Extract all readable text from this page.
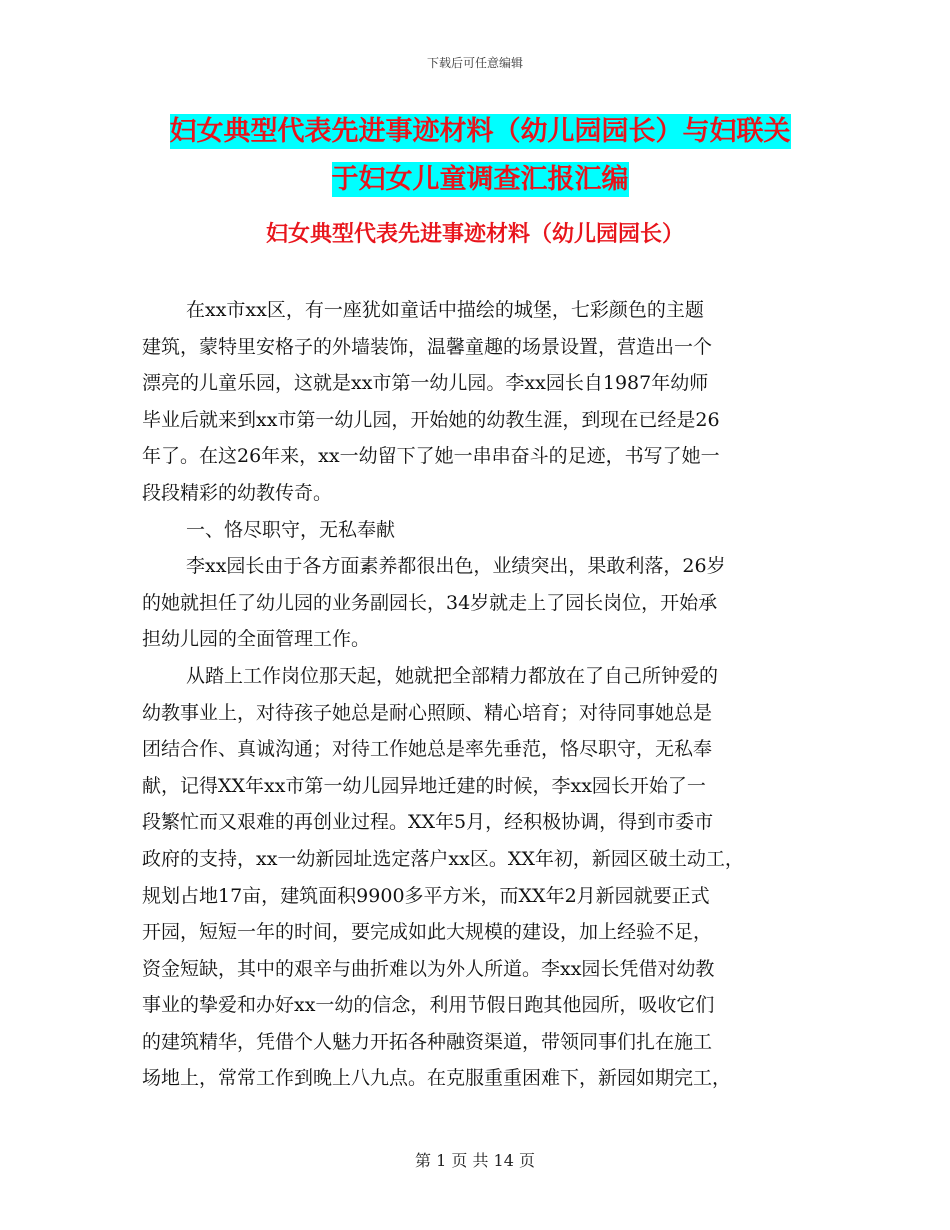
下载后可任意编辑
妇女典型代表先进事迹材料（幼儿园园长）与妇联关
于妇女儿童调查汇报汇编
妇女典型代表先进事迹材料（幼儿园园长）
在xx市xx区，有一座犹如童话中描绘的城堡，七彩颜色的主题
建筑，蒙特里安格子的外墙装饰，温馨童趣的场景设置，营造出一个
漂亮的儿童乐园，这就是xx市第一幼儿园。李xx园长自1987年幼师
毕业后就来到xx市第一幼儿园，开始她的幼教生涯，到现在已经是26
年了。在这26年来，xx一幼留下了她一串串奋斗的足迹，书写了她一
段段精彩的幼教传奇。
一、恪尽职守，无私奉献
李xx园长由于各方面素养都很出色，业绩突出，果敢利落，26岁
的她就担任了幼儿园的业务副园长，34岁就走上了园长岗位，开始承
担幼儿园的全面管理工作。
从踏上工作岗位那天起，她就把全部精力都放在了自己所钟爱的
幼教事业上，对待孩子她总是耐心照顾、精心培育；对待同事她总是
团结合作、真诚沟通；对待工作她总是率先垂范，恪尽职守，无私奉
献，记得XX年xx市第一幼儿园异地迁建的时候，李xx园长开始了一
段繁忙而又艰难的再创业过程。XX年5月，经积极协调，得到市委市
政府的支持，xx一幼新园址选定落户xx区。XX年初，新园区破土动工，
规划占地17亩，建筑面积9900多平方米，而XX年2月新园就要正式
开园，短短一年的时间，要完成如此大规模的建设，加上经验不足，
资金短缺，其中的艰辛与曲折难以为外人所道。李xx园长凭借对幼教
事业的挚爱和办好xx一幼的信念，利用节假日跑其他园所，吸收它们
的建筑精华，凭借个人魅力开拓各种融资渠道，带领同事们扎在施工
场地上，常常工作到晚上八九点。在克服重重困难下，新园如期完工，
第 1 页 共 14 页
